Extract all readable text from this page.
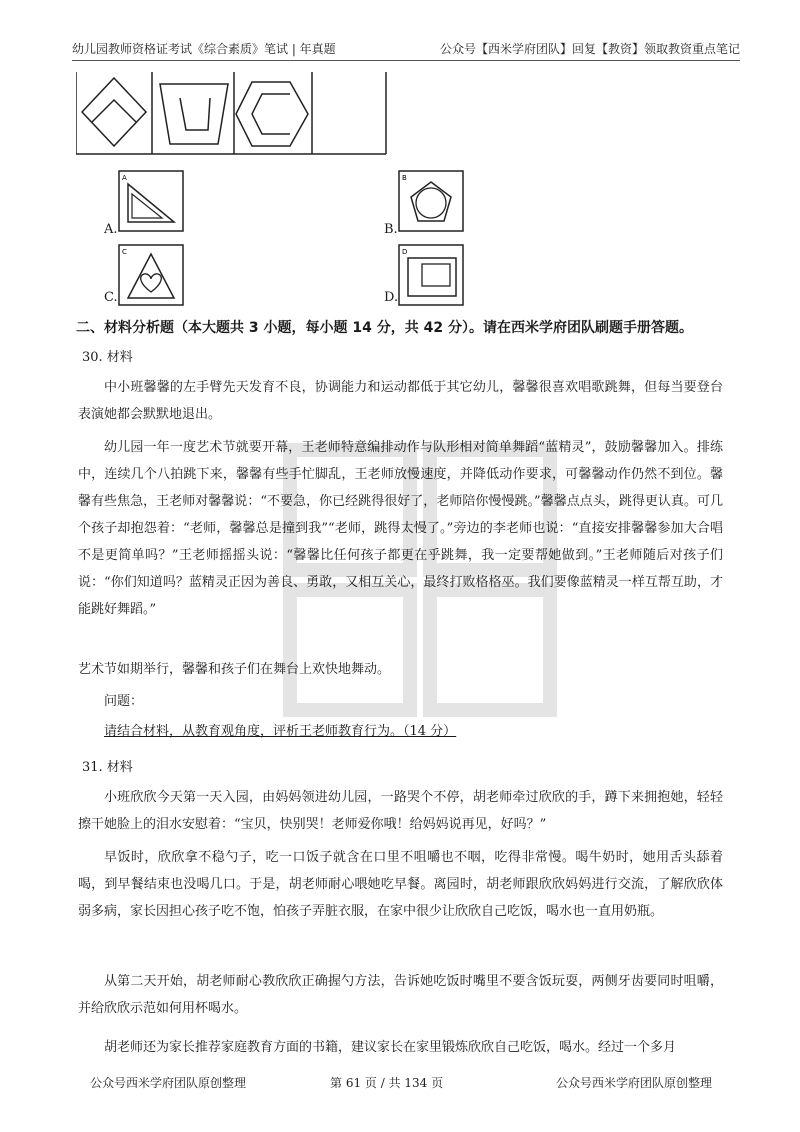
幼儿园教师资格证考试《综合素质》笔试 | 年真题	公众号【西米学府团队】回复【教资】领取教资重点笔记
A.
A
B.
B
C.
C
D.
D
二、材料分析题（本大题共 3 小题，每小题 14 分，共 42 分）。请在西米学府团队刷题手册答题。
30. 材料
中小班馨馨的左手臂先天发育不良，协调能力和运动都低于其它幼儿，馨馨很喜欢唱歌跳舞，但每当要登台表演她都会默默地退出。
幼儿园一年一度艺术节就要开幕，王老师特意编排动作与队形相对简单舞蹈“蓝精灵”，鼓励馨馨加入。排练中，连续几个八拍跳下来，馨馨有些手忙脚乱，王老师放慢速度，并降低动作要求，可馨馨动作仍然不到位。馨馨有些焦急，王老师对馨馨说：“不要急，你已经跳得很好了，老师陪你慢慢跳。”馨馨点点头，跳得更认真。可几个孩子却抱怨着：“老师，馨馨总是撞到我”“老师，跳得太慢了。”旁边的李老师也说：“直接安排馨馨参加大合唱不是更简单吗？”王老师摇摇头说：“馨馨比任何孩子都更在乎跳舞，我一定要帮她做到。”王老师随后对孩子们说：“你们知道吗？蓝精灵正因为善良、勇敢，又相互关心，最终打败格格巫。我们要像蓝精灵一样互帮互助，才能跳好舞蹈。”
艺术节如期举行，馨馨和孩子们在舞台上欢快地舞动。
问题：
请结合材料，从教育观角度，评析王老师教育行为。（14 分）
31. 材料
小班欣欣今天第一天入园，由妈妈领进幼儿园，一路哭个不停，胡老师牵过欣欣的手，蹲下来拥抱她，轻轻擦干她脸上的泪水安慰着：“宝贝，快别哭！老师爱你哦！给妈妈说再见，好吗？”
早饭时，欣欣拿不稳勺子，吃一口饭子就含在口里不咀嚼也不咽，吃得非常慢。喝牛奶时，她用舌头舔着喝，到早餐结束也没喝几口。于是，胡老师耐心喂她吃早餐。离园时，胡老师跟欣欣妈妈进行交流，了解欣欣体弱多病，家长因担心孩子吃不饱，怕孩子弄脏衣服，在家中很少让欣欣自己吃饭，喝水也一直用奶瓶。
从第二天开始，胡老师耐心教欣欣正确握勺方法，告诉她吃饭时嘴里不要含饭玩耍，两侧牙齿要同时咀嚼，并给欣欣示范如何用杯喝水。
胡老师还为家长推荐家庭教育方面的书籍，建议家长在家里锻炼欣欣自己吃饭，喝水。经过一个多月
公众号西米学府团队原创整理	第 61 页 / 共 134 页	公众号西米学府团队原创整理
